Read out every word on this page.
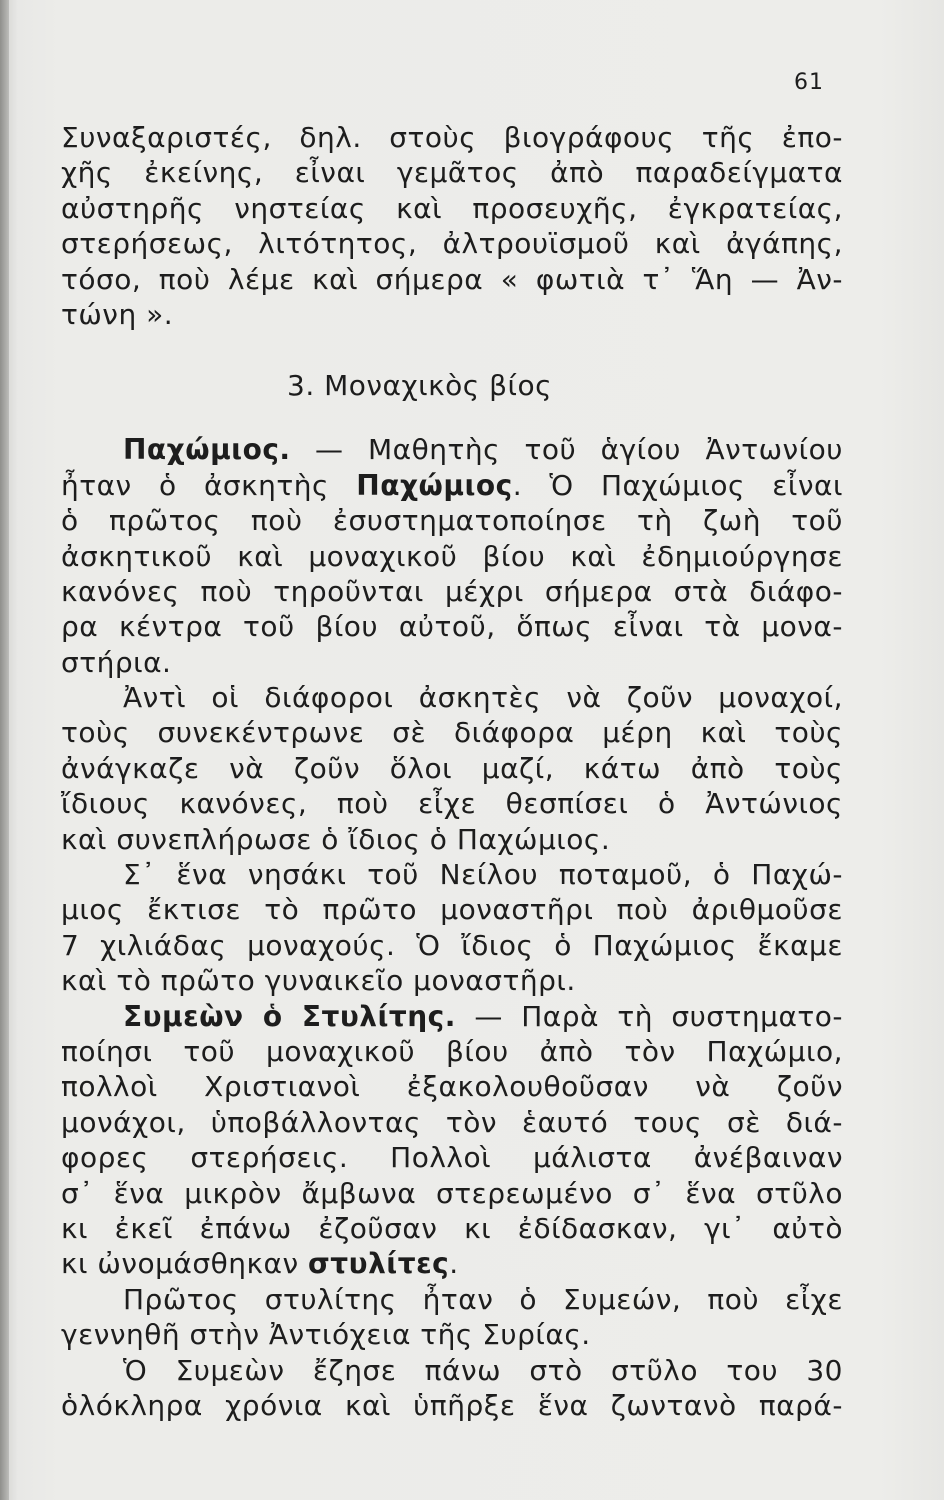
61
Συναξαριστές, δηλ. στοὺς βιογράφους τῆς ἐπο-
χῆς ἐκείνης, εἶναι γεμᾶτος ἀπὸ παραδείγματα
αὐστηρῆς νηστείας καὶ προσευχῆς, ἐγκρατείας,
στερήσεως, λιτότητος, ἀλτρουϊσμοῦ καὶ ἀγάπης,
τόσο, ποὺ λέμε καὶ σήμερα « φωτιὰ τ᾽ Ἅη — Ἀν-
τώνη ».
3. Μοναχικὸς βίος
Παχώμιος. — Μαθητὴς τοῦ ἁγίου Ἀντωνίου
ἦταν ὁ ἀσκητὴς Παχώμιος. Ὁ Παχώμιος εἶναι
ὁ πρῶτος ποὺ ἐσυστηματοποίησε τὴ ζωὴ τοῦ
ἀσκητικοῦ καὶ μοναχικοῦ βίου καὶ ἐδημιούργησε
κανόνες ποὺ τηροῦνται μέχρι σήμερα στὰ διάφο-
ρα κέντρα τοῦ βίου αὐτοῦ, ὅπως εἶναι τὰ μονα-
στήρια.
Ἀντὶ οἱ διάφοροι ἀσκητὲς νὰ ζοῦν μοναχοί,
τοὺς συνεκέντρωνε σὲ διάφορα μέρη καὶ τοὺς
ἀνάγκαζε νὰ ζοῦν ὅλοι μαζί, κάτω ἀπὸ τοὺς
ἴδιους κανόνες, ποὺ εἶχε θεσπίσει ὁ Ἀντώνιος
καὶ συνεπλήρωσε ὁ ἴδιος ὁ Παχώμιος.
Σ᾽ ἕνα νησάκι τοῦ Νείλου ποταμοῦ, ὁ Παχώ-
μιος ἔκτισε τὸ πρῶτο μοναστῆρι ποὺ ἀριθμοῦσε
7 χιλιάδας μοναχούς. Ὁ ἴδιος ὁ Παχώμιος ἔκαμε
καὶ τὸ πρῶτο γυναικεῖο μοναστῆρι.
Συμεὼν ὁ Στυλίτης. — Παρὰ τὴ συστηματο-
ποίησι τοῦ μοναχικοῦ βίου ἀπὸ τὸν Παχώμιο,
πολλοὶ Χριστιανοὶ ἐξακολουθοῦσαν νὰ ζοῦν
μονάχοι, ὑποβάλλοντας τὸν ἑαυτό τους σὲ διά-
φορες στερήσεις. Πολλοὶ μάλιστα ἀνέβαιναν
σ᾽ ἕνα μικρὸν ἄμβωνα στερεωμένο σ᾽ ἕνα στῦλο
κι ἐκεῖ ἐπάνω ἐζοῦσαν κι ἐδίδασκαν, γι᾽ αὐτὸ
κι ὠνομάσθηκαν στυλίτες.
Πρῶτος στυλίτης ἦταν ὁ Συμεών, ποὺ εἶχε
γεννηθῆ στὴν Ἀντιόχεια τῆς Συρίας.
Ὁ Συμεὼν ἔζησε πάνω στὸ στῦλο του 30
ὁλόκληρα χρόνια καὶ ὑπῆρξε ἕνα ζωντανὸ παρά-
